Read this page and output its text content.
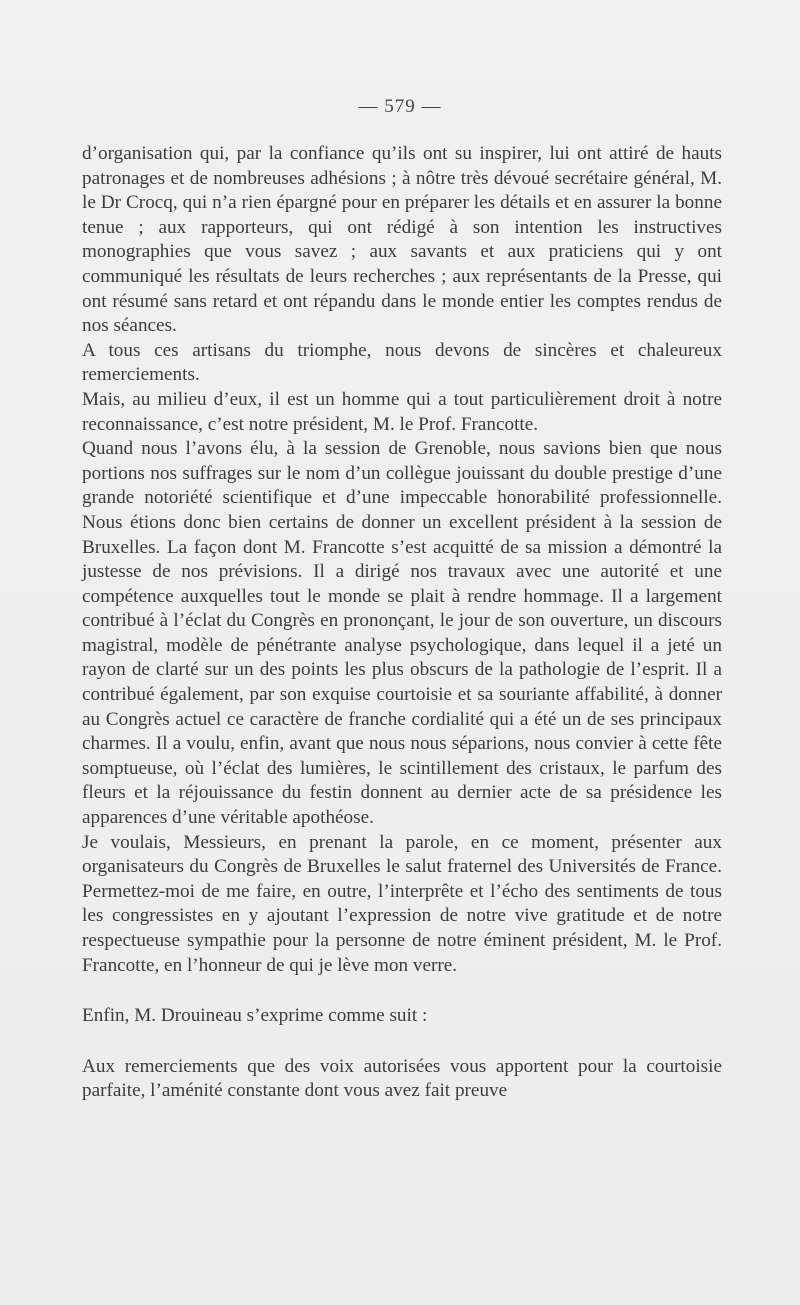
— 579 —

d’organisation qui, par la confiance qu’ils ont su inspirer, lui ont attiré de hauts patronages et de nombreuses adhésions ; à nôtre très dévoué secrétaire général, M. le Dr Crocq, qui n’a rien épargné pour en préparer les détails et en assurer la bonne tenue ; aux rapporteurs, qui ont rédigé à son intention les instructives monographies que vous savez ; aux savants et aux praticiens qui y ont communiqué les résultats de leurs recherches ; aux représentants de la Presse, qui ont résumé sans retard et ont répandu dans le monde entier les comptes rendus de nos séances.

A tous ces artisans du triomphe, nous devons de sincères et chaleureux remerciements.

Mais, au milieu d’eux, il est un homme qui a tout particulièrement droit à notre reconnaissance, c’est notre président, M. le Prof. Francotte.

Quand nous l’avons élu, à la session de Grenoble, nous savions bien que nous portions nos suffrages sur le nom d’un collègue jouissant du double prestige d’une grande notoriété scientifique et d’une impeccable honorabilité professionnelle. Nous étions donc bien certains de donner un excellent président à la session de Bruxelles. La façon dont M. Francotte s’est acquitté de sa mission a démontré la justesse de nos prévisions. Il a dirigé nos travaux avec une autorité et une compétence auxquelles tout le monde se plait à rendre hommage. Il a largement contribué à l’éclat du Congrès en prononçant, le jour de son ouverture, un discours magistral, modèle de pénétrante analyse psychologique, dans lequel il a jeté un rayon de clarté sur un des points les plus obscurs de la pathologie de l’esprit. Il a contribué également, par son exquise courtoisie et sa souriante affabilité, à donner au Congrès actuel ce caractère de franche cordialité qui a été un de ses principaux charmes. Il a voulu, enfin, avant que nous nous séparions, nous convier à cette fête somptueuse, où l’éclat des lumières, le scintillement des cristaux, le parfum des fleurs et la réjouissance du festin donnent au dernier acte de sa présidence les apparences d’une véritable apothéose.

Je voulais, Messieurs, en prenant la parole, en ce moment, présenter aux organisateurs du Congrès de Bruxelles le salut fraternel des Universités de France. Permettez-moi de me faire, en outre, l’interprête et l’écho des sentiments de tous les congressistes en y ajoutant l’expression de notre vive gratitude et de notre respectueuse sympathie pour la personne de notre éminent président, M. le Prof. Francotte, en l’honneur de qui je lève mon verre.

Enfin, M. Drouineau s’exprime comme suit :

Aux remerciements que des voix autorisées vous apportent pour la courtoisie parfaite, l’aménité constante dont vous avez fait preuve
